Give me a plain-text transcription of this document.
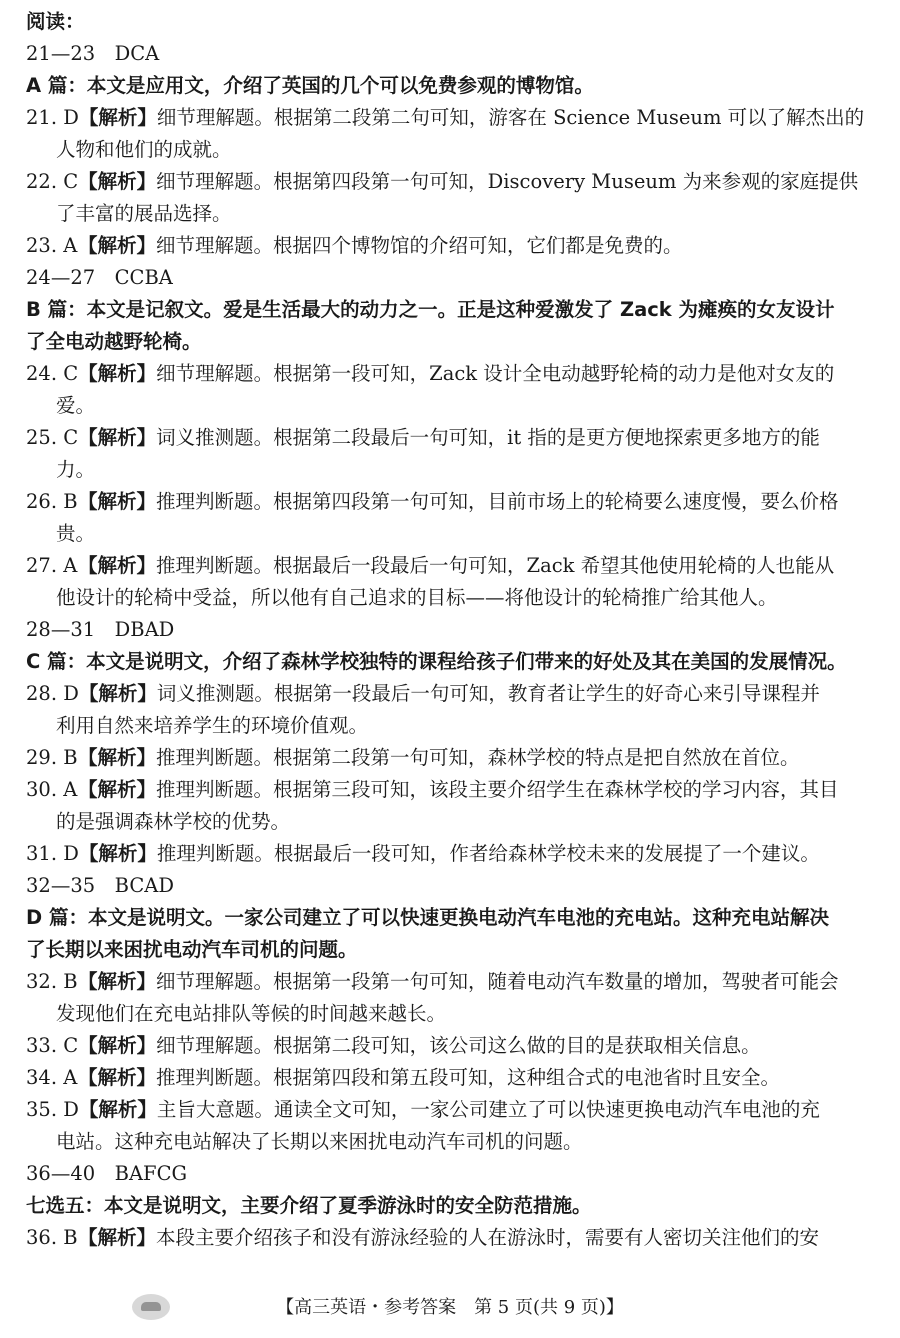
阅读：
21—23　DCA
A 篇：本文是应用文，介绍了英国的几个可以免费参观的博物馆。
21. D【解析】细节理解题。根据第二段第二句可知，游客在 Science Museum 可以了解杰出的
人物和他们的成就。
22. C【解析】细节理解题。根据第四段第一句可知，Discovery Museum 为来参观的家庭提供
了丰富的展品选择。
23. A【解析】细节理解题。根据四个博物馆的介绍可知，它们都是免费的。
24—27　CCBA
B 篇：本文是记叙文。爱是生活最大的动力之一。正是这种爱激发了 Zack 为瘫痪的女友设计
了全电动越野轮椅。
24. C【解析】细节理解题。根据第一段可知，Zack 设计全电动越野轮椅的动力是他对女友的
爱。
25. C【解析】词义推测题。根据第二段最后一句可知，it 指的是更方便地探索更多地方的能
力。
26. B【解析】推理判断题。根据第四段第一句可知，目前市场上的轮椅要么速度慢，要么价格
贵。
27. A【解析】推理判断题。根据最后一段最后一句可知，Zack 希望其他使用轮椅的人也能从
他设计的轮椅中受益，所以他有自己追求的目标——将他设计的轮椅推广给其他人。
28—31　DBAD
C 篇：本文是说明文，介绍了森林学校独特的课程给孩子们带来的好处及其在美国的发展情况。
28. D【解析】词义推测题。根据第一段最后一句可知，教育者让学生的好奇心来引导课程并
利用自然来培养学生的环境价值观。
29. B【解析】推理判断题。根据第二段第一句可知，森林学校的特点是把自然放在首位。
30. A【解析】推理判断题。根据第三段可知，该段主要介绍学生在森林学校的学习内容，其目
的是强调森林学校的优势。
31. D【解析】推理判断题。根据最后一段可知，作者给森林学校未来的发展提了一个建议。
32—35　BCAD
D 篇：本文是说明文。一家公司建立了可以快速更换电动汽车电池的充电站。这种充电站解决
了长期以来困扰电动汽车司机的问题。
32. B【解析】细节理解题。根据第一段第一句可知，随着电动汽车数量的增加，驾驶者可能会
发现他们在充电站排队等候的时间越来越长。
33. C【解析】细节理解题。根据第二段可知，该公司这么做的目的是获取相关信息。
34. A【解析】推理判断题。根据第四段和第五段可知，这种组合式的电池省时且安全。
35. D【解析】主旨大意题。通读全文可知，一家公司建立了可以快速更换电动汽车电池的充
电站。这种充电站解决了长期以来困扰电动汽车司机的问题。
36—40　BAFCG
七选五：本文是说明文，主要介绍了夏季游泳时的安全防范措施。
36. B【解析】本段主要介绍孩子和没有游泳经验的人在游泳时，需要有人密切关注他们的安
【高三英语・参考答案　第 5 页(共 9 页)】
